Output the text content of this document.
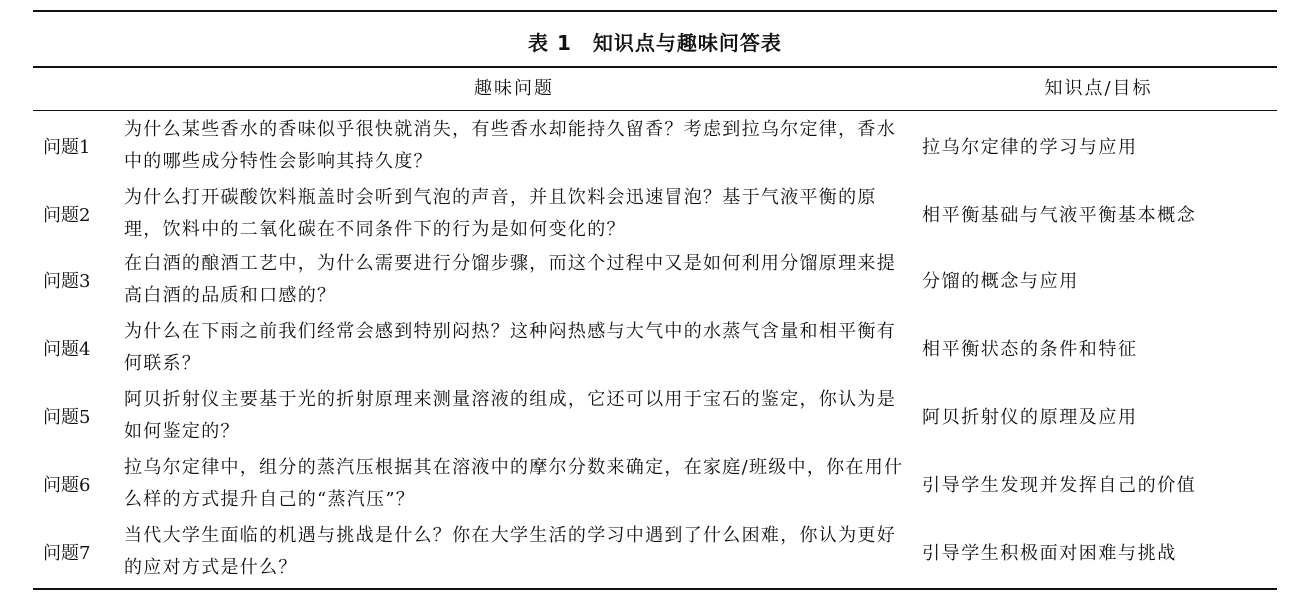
表 1　知识点与趣味问答表
趣味问题	知识点/目标
问题1
为什么某些香水的香味似乎很快就消失，有些香水却能持久留香？考虑到拉乌尔定律，香水中的哪些成分特性会影响其持久度？
拉乌尔定律的学习与应用
问题2
为什么打开碳酸饮料瓶盖时会听到气泡的声音，并且饮料会迅速冒泡？基于气液平衡的原理，饮料中的二氧化碳在不同条件下的行为是如何变化的？
相平衡基础与气液平衡基本概念
问题3
在白酒的酿酒工艺中，为什么需要进行分馏步骤，而这个过程中又是如何利用分馏原理来提高白酒的品质和口感的？
分馏的概念与应用
问题4
为什么在下雨之前我们经常会感到特别闷热？这种闷热感与大气中的水蒸气含量和相平衡有何联系？
相平衡状态的条件和特征
问题5
阿贝折射仪主要基于光的折射原理来测量溶液的组成，它还可以用于宝石的鉴定，你认为是如何鉴定的？
阿贝折射仪的原理及应用
问题6
拉乌尔定律中，组分的蒸汽压根据其在溶液中的摩尔分数来确定，在家庭/班级中，你在用什么样的方式提升自己的“蒸汽压”？
引导学生发现并发挥自己的价值
问题7
当代大学生面临的机遇与挑战是什么？你在大学生活的学习中遇到了什么困难，你认为更好的应对方式是什么？
引导学生积极面对困难与挑战
